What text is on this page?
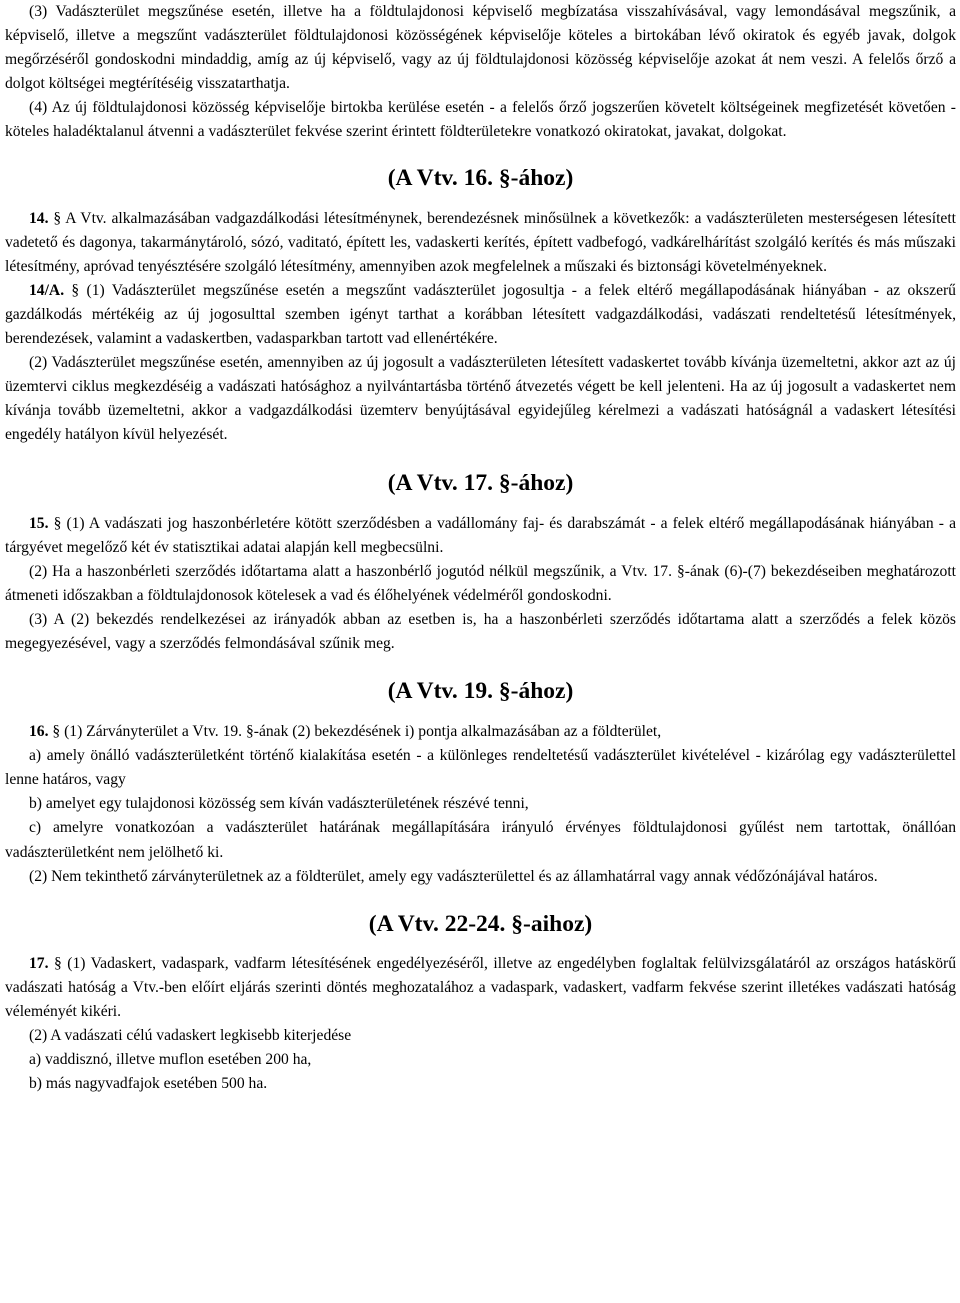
(3) Vadászterület megszűnése esetén, illetve ha a földtulajdonosi képviselő megbízatása visszahívásával, vagy lemondásával megszűnik, a képviselő, illetve a megszűnt vadászterület földtulajdonosi közösségének képviselője köteles a birtokában lévő okiratok és egyéb javak, dolgok megőrzéséről gondoskodni mindaddig, amíg az új képviselő, vagy az új földtulajdonosi közösség képviselője azokat át nem veszi. A felelős őrző a dolgot költségei megtérítéséig visszatarthatja.

(4) Az új földtulajdonosi közösség képviselője birtokba kerülése esetén - a felelős őrző jogszerűen követelt költségeinek megfizetését követően - köteles haladéktalanul átvenni a vadászterület fekvése szerint érintett földterületekre vonatkozó okiratokat, javakat, dolgokat.

(A Vtv. 16. §-ához)

14. § A Vtv. alkalmazásában vadgazdálkodási létesítménynek, berendezésnek minősülnek a következők: a vadászterületen mesterségesen létesített vadetető és dagonya, takarmánytároló, sózó, vaditató, épített les, vadaskerti kerítés, épített vadbefogó, vadkárelhárítást szolgáló kerítés és más műszaki létesítmény, apróvad tenyésztésére szolgáló létesítmény, amennyiben azok megfelelnek a műszaki és biztonsági követelményeknek.

14/A. § (1) Vadászterület megszűnése esetén a megszűnt vadászterület jogosultja - a felek eltérő megállapodásának hiányában - az okszerű gazdálkodás mértékéig az új jogosulttal szemben igényt tarthat a korábban létesített vadgazdálkodási, vadászati rendeltetésű létesítmények, berendezések, valamint a vadaskertben, vadasparkban tartott vad ellenértékére.

(2) Vadászterület megszűnése esetén, amennyiben az új jogosult a vadászterületen létesített vadaskertet tovább kívánja üzemeltetni, akkor azt az új üzemtervi ciklus megkezdéséig a vadászati hatósághoz a nyilvántartásba történő átvezetés végett be kell jelenteni. Ha az új jogosult a vadaskertet nem kívánja tovább üzemeltetni, akkor a vadgazdálkodási üzemterv benyújtásával egyidejűleg kérelmezi a vadászati hatóságnál a vadaskert létesítési engedély hatályon kívül helyezését.

(A Vtv. 17. §-ához)

15. § (1) A vadászati jog haszonbérletére kötött szerződésben a vadállomány faj- és darabszámát - a felek eltérő megállapodásának hiányában - a tárgyévet megelőző két év statisztikai adatai alapján kell megbecsülni.

(2) Ha a haszonbérleti szerződés időtartama alatt a haszonbérlő jogutód nélkül megszűnik, a Vtv. 17. §-ának (6)-(7) bekezdéseiben meghatározott átmeneti időszakban a földtulajdonosok kötelesek a vad és élőhelyének védelméről gondoskodni.

(3) A (2) bekezdés rendelkezései az irányadók abban az esetben is, ha a haszonbérleti szerződés időtartama alatt a szerződés a felek közös megegyezésével, vagy a szerződés felmondásával szűnik meg.

(A Vtv. 19. §-ához)

16. § (1) Zárványterület a Vtv. 19. §-ának (2) bekezdésének i) pontja alkalmazásában az a földterület,

a) amely önálló vadászterületként történő kialakítása esetén - a különleges rendeltetésű vadászterület kivételével - kizárólag egy vadászterülettel lenne határos, vagy

b) amelyet egy tulajdonosi közösség sem kíván vadászterületének részévé tenni,

c) amelyre vonatkozóan a vadászterület határának megállapítására irányuló érvényes földtulajdonosi gyűlést nem tartottak, önállóan vadászterületként nem jelölhető ki.

(2) Nem tekinthető zárványterületnek az a földterület, amely egy vadászterülettel és az államhatárral vagy annak védőzónájával határos.

(A Vtv. 22-24. §-aihoz)

17. § (1) Vadaskert, vadaspark, vadfarm létesítésének engedélyezéséről, illetve az engedélyben foglaltak felülvizsgálatáról az országos hatáskörű vadászati hatóság a Vtv.-ben előírt eljárás szerinti döntés meghozatalához a vadaspark, vadaskert, vadfarm fekvése szerint illetékes vadászati hatóság véleményét kikéri.

(2) A vadászati célú vadaskert legkisebb kiterjedése

a) vaddisznó, illetve muflon esetében 200 ha,

b) más nagyvadfajok esetében 500 ha.
